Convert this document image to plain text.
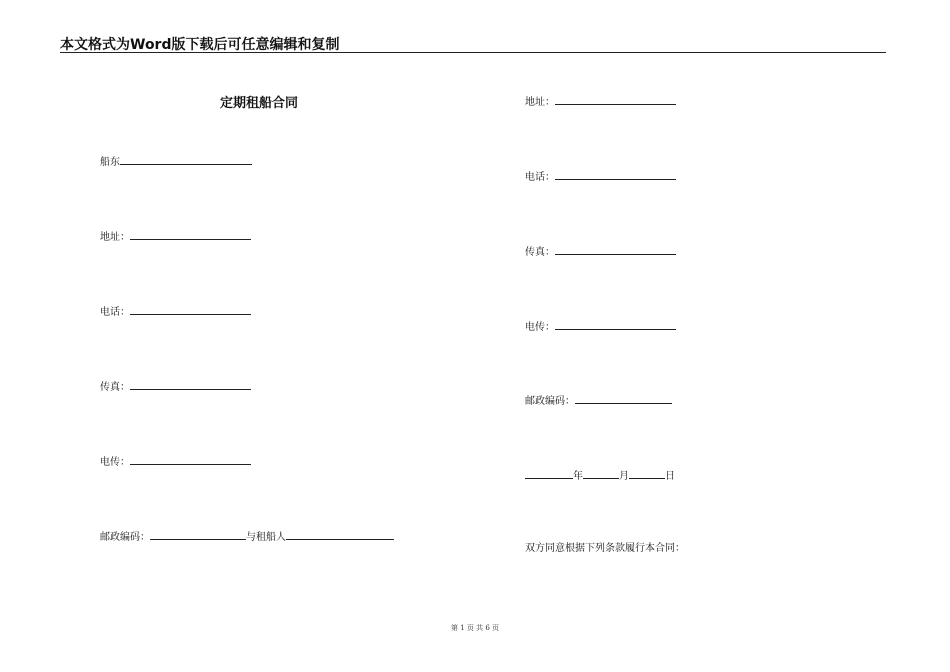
本文格式为Word版下载后可任意编辑和复制
定期租船合同
船东
地址：
电话：
传真：
电传：
邮政编码：	与租船人
地址：
电话：
传真：
电传：
邮政编码：
年	月	日
双方同意根据下列条款履行本合同：
第 1 页 共 6 页
